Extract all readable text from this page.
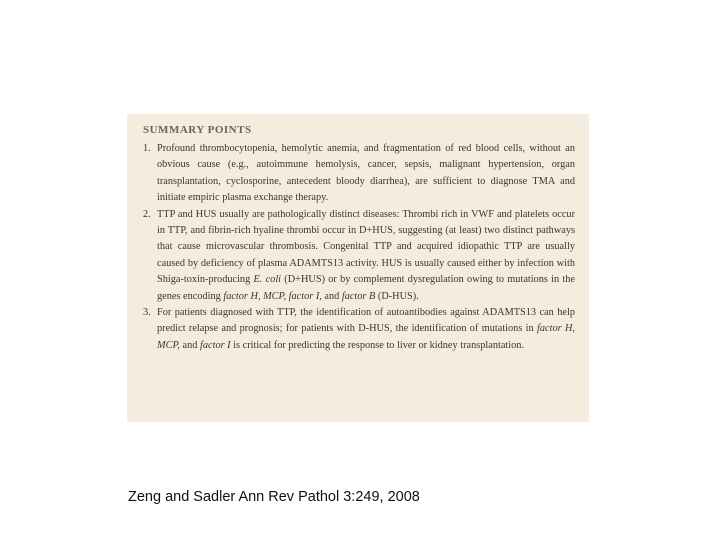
SUMMARY POINTS
1. Profound thrombocytopenia, hemolytic anemia, and fragmentation of red blood cells, without an obvious cause (e.g., autoimmune hemolysis, cancer, sepsis, malignant hypertension, organ transplantation, cyclosporine, antecedent bloody diarrhea), are sufficient to diagnose TMA and initiate empiric plasma exchange therapy.
2. TTP and HUS usually are pathologically distinct diseases: Thrombi rich in VWF and platelets occur in TTP, and fibrin-rich hyaline thrombi occur in D+HUS, suggesting (at least) two distinct pathways that cause microvascular thrombosis. Congenital TTP and acquired idiopathic TTP are usually caused by deficiency of plasma ADAMTS13 activity. HUS is usually caused either by infection with Shiga-toxin-producing E. coli (D+HUS) or by complement dysregulation owing to mutations in the genes encoding factor H, MCP, factor I, and factor B (D-HUS).
3. For patients diagnosed with TTP, the identification of autoantibodies against ADAMTS13 can help predict relapse and prognosis; for patients with D-HUS, the identification of mutations in factor H, MCP, and factor I is critical for predicting the response to liver or kidney transplantation.
Zeng and Sadler Ann Rev Pathol 3:249, 2008
